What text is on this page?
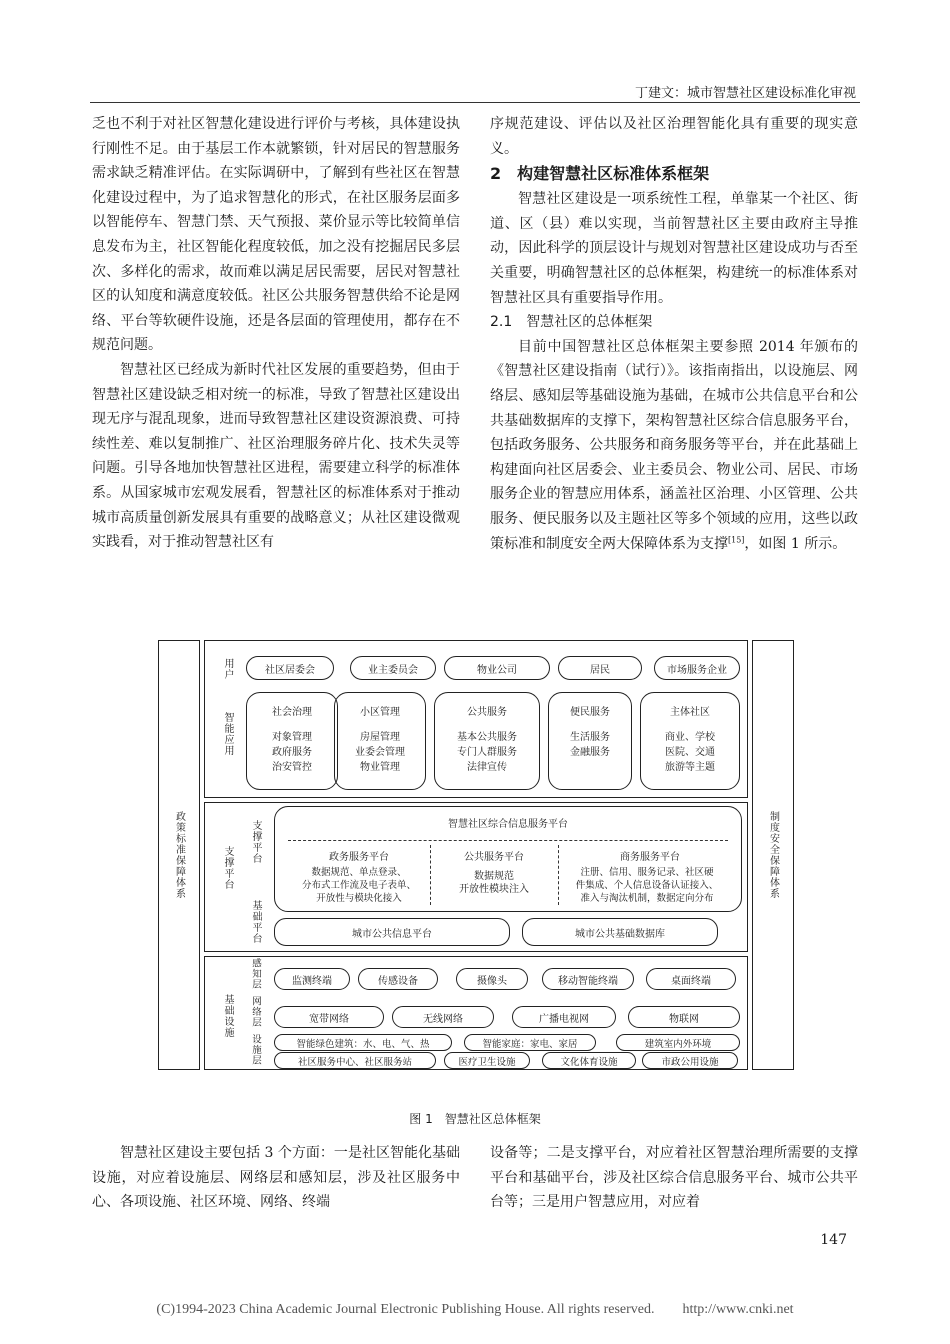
丁建文：城市智慧社区建设标准化审视

乏也不利于对社区智慧化建设进行评价与考核，具体建设执行刚性不足。由于基层工作本就繁锁，针对居民的智慧服务需求缺乏精准评估。在实际调研中，了解到有些社区在智慧化建设过程中，为了追求智慧化的形式，在社区服务层面多以智能停车、智慧门禁、天气预报、菜价显示等比较简单信息发布为主，社区智能化程度较低，加之没有挖掘居民多层次、多样化的需求，故而难以满足居民需要，居民对智慧社区的认知度和满意度较低。社区公共服务智慧供给不论是网络、平台等软硬件设施，还是各层面的管理使用，都存在不规范问题。

智慧社区已经成为新时代社区发展的重要趋势，但由于智慧社区建设缺乏相对统一的标准，导致了智慧社区建设出现无序与混乱现象，进而导致智慧社区建设资源浪费、可持续性差、难以复制推广、社区治理服务碎片化、技术失灵等问题。引导各地加快智慧社区进程，需要建立科学的标准体系。从国家城市宏观发展看，智慧社区的标准体系对于推动城市高质量创新发展具有重要的战略意义；从社区建设微观实践看，对于推动智慧社区有

序规范建设、评估以及社区治理智能化具有重要的现实意义。

2　构建智慧社区标准体系框架

智慧社区建设是一项系统性工程，单靠某一个社区、街道、区（县）难以实现，当前智慧社区主要由政府主导推动，因此科学的顶层设计与规划对智慧社区建设成功与否至关重要，明确智慧社区的总体框架，构建统一的标准体系对智慧社区具有重要指导作用。

2.1　智慧社区的总体框架

目前中国智慧社区总体框架主要参照 2014 年颁布的《智慧社区建设指南（试行）》。该指南指出，以设施层、网络层、感知层等基础设施为基础，在城市公共信息平台和公共基础数据库的支撑下，架构智慧社区综合信息服务平台，包括政务服务、公共服务和商务服务等平台，并在此基础上构建面向社区居委会、业主委员会、物业公司、居民、市场服务企业的智慧应用体系，涵盖社区治理、小区管理、公共服务、便民服务以及主题社区等多个领域的应用，这些以政策标准和制度安全两大保障体系为支撑[15]，如图 1 所示。

政策标准保障体系	制度安全保障体系
用户
智能应用
社区居委会	业主委员会	物业公司	居民	市场服务企业
社会治理
对象管理
政府服务
治安管控
小区管理
房屋管理
业委会管理
物业管理
公共服务
基本公共服务
专门人群服务
法律宣传
便民服务
生活服务
金融服务
主体社区
商业、学校
医院、交通
旅游等主题
支撑平台
支撑平台
基础平台
智慧社区综合信息服务平台
政务服务平台
数据规范、单点登录、
分布式工作流及电子表单、
开放性与模块化接入
公共服务平台
数据规范
开放性模块注入
商务服务平台
注册、信用、服务记录、社区硬
件集成、个人信息设备认证接入、
准入与淘汰机制，数据定向分布
城市公共信息平台	城市公共基础数据库
基础设施
感知层
网络层
设施层
监测终端	传感设备	摄像头	移动智能终端	桌面终端
宽带网络	无线网络	广播电视网	物联网
智能绿色建筑：水、电、气、热	智能家庭：家电、家居	建筑室内外环境
社区服务中心、社区服务站	医疗卫生设施	文化体育设施	市政公用设施
图 1　智慧社区总体框架
智慧社区建设主要包括 3 个方面：一是社区智能化基础设施，对应着设施层、网络层和感知层，涉及社区服务中心、各项设施、社区环境、网络、终端
设备等；二是支撑平台，对应着社区智慧治理所需要的支撑平台和基础平台，涉及社区综合信息服务平台、城市公共平台等；三是用户智慧应用，对应着
147
(C)1994-2023 China Academic Journal Electronic Publishing House. All rights reserved.　　http://www.cnki.net
